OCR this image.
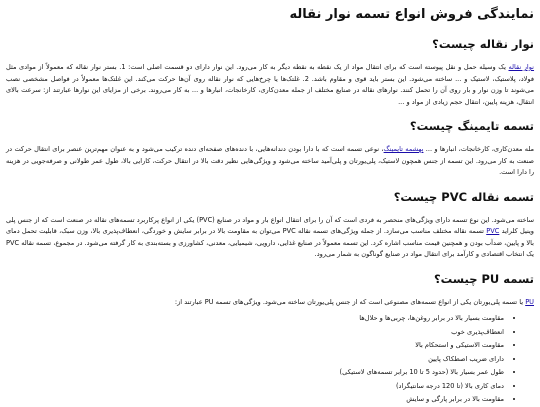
نمایندگی فروش انواع تسمه نوار نقاله
نوار نقاله چیست؟

نوار نقاله یک وسیله حمل و نقل پیوسته است که برای انتقال مواد از یک نقطه به نقطه دیگر به کار می‌رود. این نوار دارای دو قسمت اصلی است: 1. بستر نوار نقاله که معمولاً از موادی مثل فولاد، پلاستیک، لاستیک و ... ساخته می‌شود. این بستر باید قوی و مقاوم باشد. 2. غلتک‌ها یا چرخ‌هایی که نوار نقاله روی آن‌ها حرکت می‌کند. این غلتک‌ها معمولاً در فواصل مشخصی نصب می‌شوند تا وزن نوار و بار روی آن را تحمل کنند. نوارهای نقاله در صنایع مختلف از جمله معدن‌کاری، کارخانجات، انبارها و ... به کار می‌روند. برخی از مزایای این نوارها عبارتند از: سرعت بالای انتقال، هزینه پایین، انتقال حجم زیادی از مواد و ...

تسمه تایمینگ چیست؟

مله معدن‌کاری، کارخانجات، انبارها و ... بهشمه تایمینگ، نوعی تسمه است که با دارا بودن دندانه‌هایی، با دنده‌های صفحه‌ای دنده ترکیب می‌شود و به عنوان مهم‌ترین عنصر برای انتقال حرکت در صنعت به کار می‌رود. این تسمه از جنس همچون لاستیک، پلی‌یورتان و پلی‌آمید ساخته می‌شود و ویژگی‌هایی نظیر دقت بالا در انتقال حرکت، کارایی بالا، طول عمر طولانی و صرفه‌جویی در هزینه را دارا است.

تسمه نقاله PVC چیست؟

ساخته می‌شود. این نوع تسمه دارای ویژگی‌های منحصر به فردی است که آن را برای انتقال انواع بار و مواد در صنایع (PVC) یکی از انواع پرکاربرد تسمه‌های نقاله در صنعت است که از جنس پلی وینیل کلراید PVC تسمه نقاله مختلف مناسب می‌سازد. از جمله ویژگی‌های تسمه نقاله PVC می‌توان به مقاومت بالا در برابر سایش و خوردگی، انعطاف‌پذیری بالا، وزن سبک، قابلیت تحمل دمای بالا و پایین، ضدآب بودن و همچنین قیمت مناسب اشاره کرد. این تسمه معمولاً در صنایع غذایی، دارویی، شیمیایی، معدنی، کشاورزی و بسته‌بندی به کار گرفته می‌شود. در مجموع، تسمه نقاله PVC یک انتخاب اقتصادی و کارآمد برای انتقال مواد در صنایع گوناگون به شمار می‌رود.

تسمه PU چیست؟

PU یا تسمه پلی‌یورتان یکی از انواع تسمه‌های مصنوعی است که از جنس پلی‌یورتان ساخته می‌شود. ویژگی‌های تسمه PU عبارتند از:

• مقاومت بسیار بالا در برابر روغن‌ها، چربی‌ها و حلال‌ها
• انعطاف‌پذیری خوب
• مقاومت الاستیکی و استحکام بالا
• دارای ضریب اصطکاک پایین
• طول عمر بسیار بالا (حدود 5 تا 10 برابر تسمه‌های لاستیکی)
• دمای کاری بالا (تا 120 درجه سانتیگراد)
• مقاومت بالا در برابر پارگی و سایش
